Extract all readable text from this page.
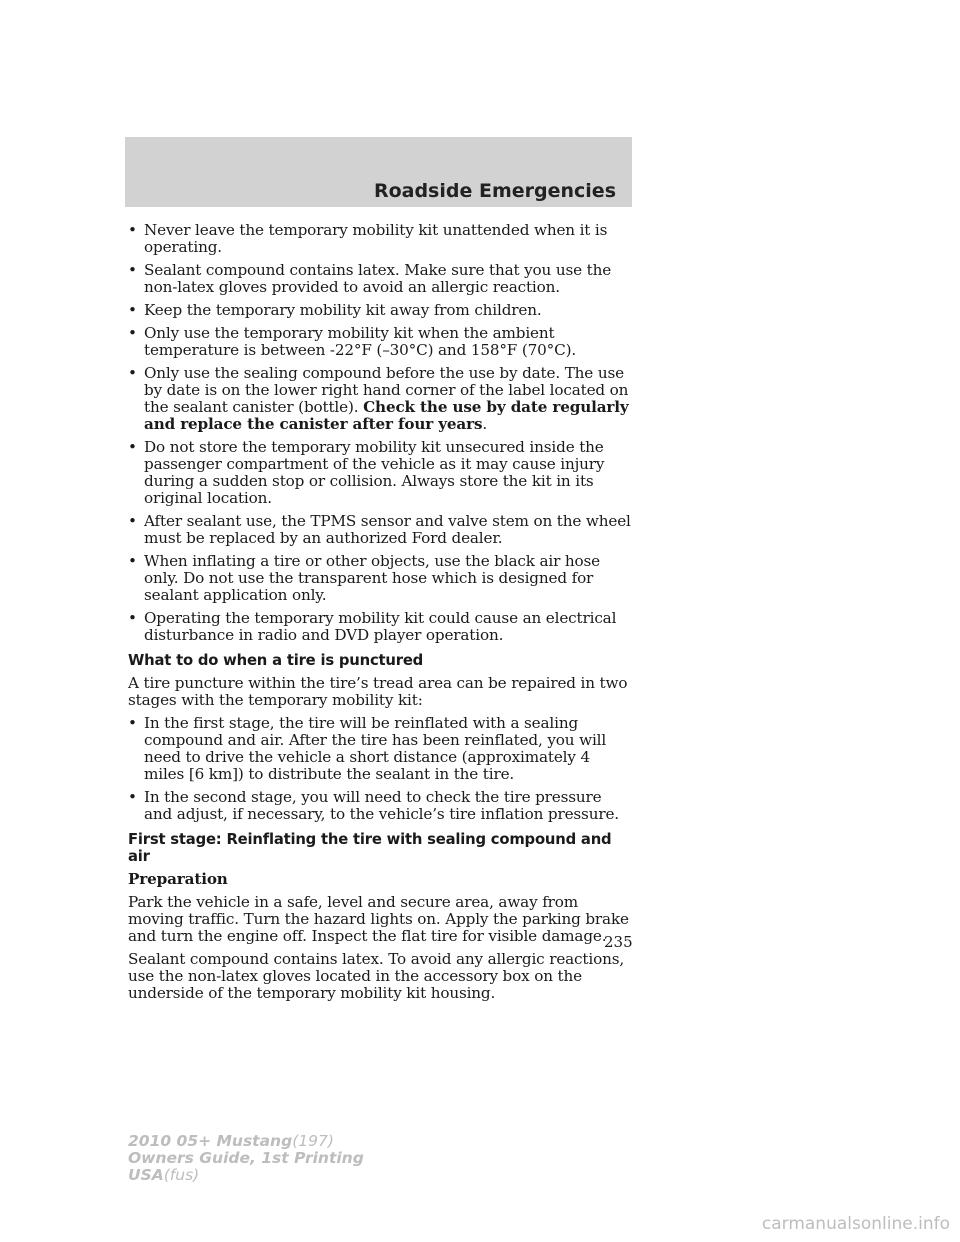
Roadside Emergencies
• Never leave the temporary mobility kit unattended when it is operating.
• Sealant compound contains latex. Make sure that you use the non-latex gloves provided to avoid an allergic reaction.
• Keep the temporary mobility kit away from children.
• Only use the temporary mobility kit when the ambient temperature is between -22°F (–30°C) and 158°F (70°C).
• Only use the sealing compound before the use by date. The use by date is on the lower right hand corner of the label located on the sealant canister (bottle). Check the use by date regularly and replace the canister after four years.
• Do not store the temporary mobility kit unsecured inside the passenger compartment of the vehicle as it may cause injury during a sudden stop or collision. Always store the kit in its original location.
• After sealant use, the TPMS sensor and valve stem on the wheel must be replaced by an authorized Ford dealer.
• When inflating a tire or other objects, use the black air hose only. Do not use the transparent hose which is designed for sealant application only.
• Operating the temporary mobility kit could cause an electrical disturbance in radio and DVD player operation.
What to do when a tire is punctured

A tire puncture within the tire’s tread area can be repaired in two stages with the temporary mobility kit:

• In the first stage, the tire will be reinflated with a sealing compound and air. After the tire has been reinflated, you will need to drive the vehicle a short distance (approximately 4 miles [6 km]) to distribute the sealant in the tire.
• In the second stage, you will need to check the tire pressure and adjust, if necessary, to the vehicle’s tire inflation pressure.
First stage: Reinflating the tire with sealing compound and air
Preparation

Park the vehicle in a safe, level and secure area, away from moving traffic. Turn the hazard lights on. Apply the parking brake and turn the engine off. Inspect the flat tire for visible damage.

Sealant compound contains latex. To avoid any allergic reactions, use the non-latex gloves located in the accessory box on the underside of the temporary mobility kit housing.

235
2010 05+ Mustang(197)
Owners Guide, 1st Printing
USA(fus)
carmanualsonline.info
